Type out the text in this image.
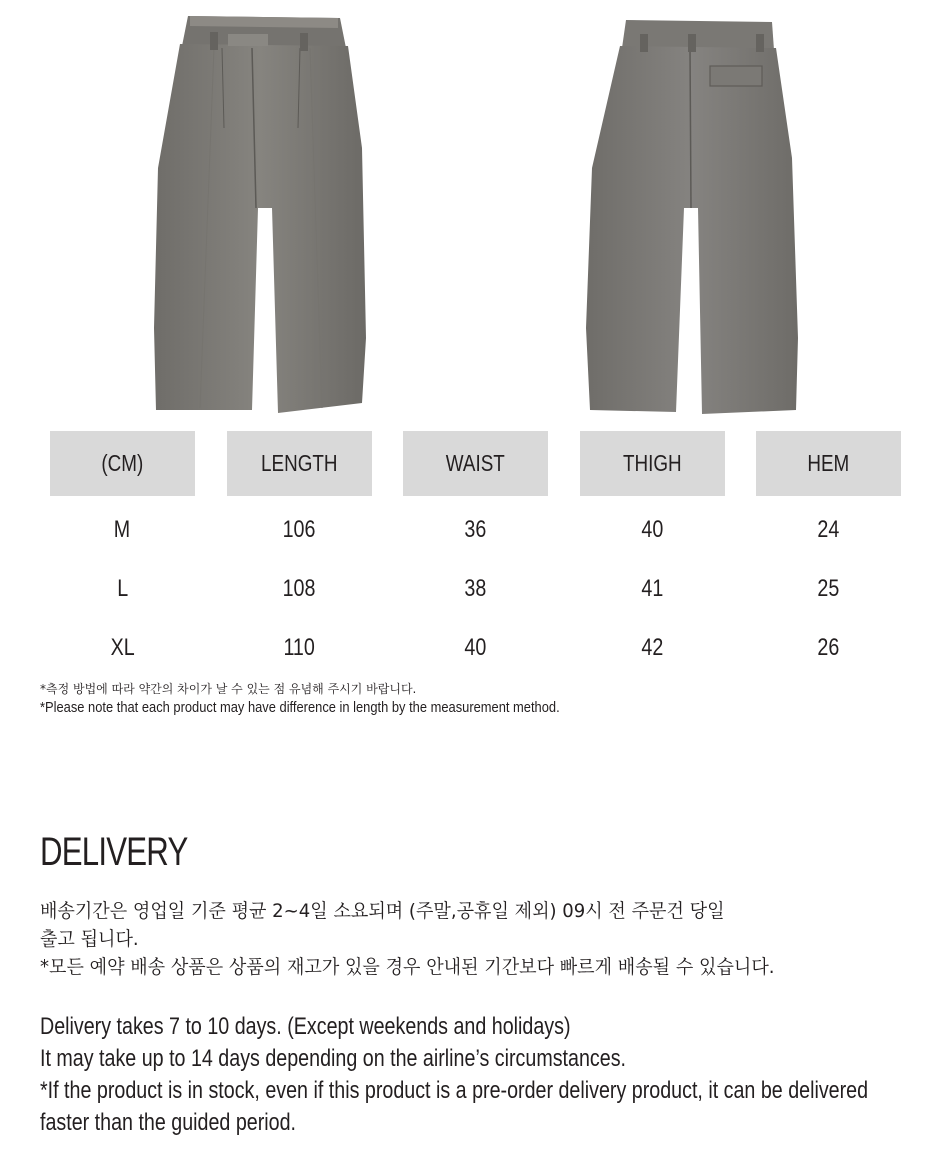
(CM)	LENGTH	WAIST	THIGH	HEM
M	106	36	40	24
L	108	38	41	25
XL	110	40	42	26

*측정 방법에 따라 약간의 차이가 날 수 있는 점 유념해 주시기 바랍니다.

*Please note that each product may have difference in length by the measurement method.

DELIVERY

배송기간은 영업일 기준 평균 2~4일 소요되며 (주말,공휴일 제외) 09시 전 주문건 당일

출고 됩니다.

*모든 예약 배송 상품은 상품의 재고가 있을 경우 안내된 기간보다 빠르게 배송될 수 있습니다.

Delivery takes 7 to 10 days. (Except weekends and holidays)

It may take up to 14 days depending on the airline’s circumstances.

*If the product is in stock, even if this product is a pre-order delivery product, it can be delivered

faster than the guided period.
